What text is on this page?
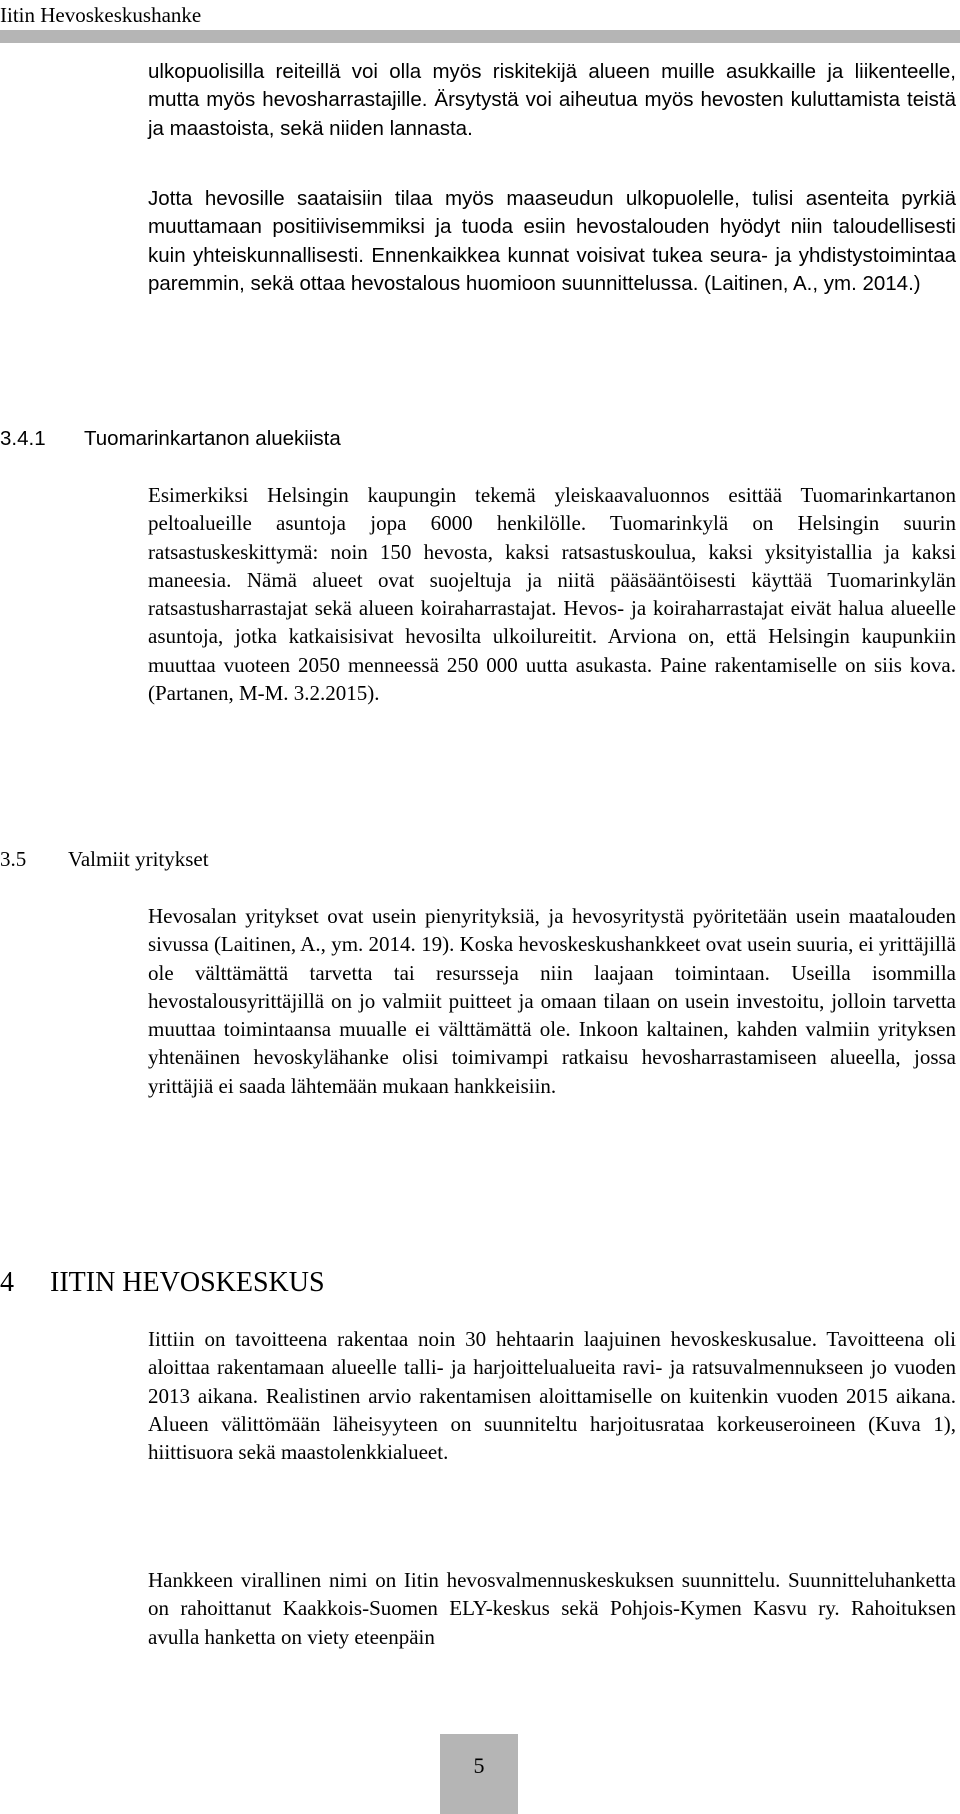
Iitin Hevoskeskushanke

ulkopuolisilla reiteillä voi olla myös riskitekijä alueen muille asukkaille ja liikenteelle, mutta myös hevosharrastajille. Ärsytystä voi aiheutua myös hevosten kuluttamista teistä ja maastoista, sekä niiden lannasta.

Jotta hevosille saataisiin tilaa myös maaseudun ulkopuolelle, tulisi asenteita pyrkiä muuttamaan positiivisemmiksi ja tuoda esiin hevostalouden hyödyt niin taloudellisesti kuin yhteiskunnallisesti. Ennenkaikkea kunnat voisivat tukea seura- ja yhdistystoimintaa paremmin, sekä ottaa hevostalous huomioon suunnittelussa. (Laitinen, A., ym. 2014.)

3.4.1 Tuomarinkartanon aluekiista

Esimerkiksi Helsingin kaupungin tekemä yleiskaavaluonnos esittää Tuomarinkartanon peltoalueille asuntoja jopa 6000 henkilölle. Tuomarinkylä on Helsingin suurin ratsastuskeskittymä: noin 150 hevosta, kaksi ratsastuskoulua, kaksi yksityistallia ja kaksi maneesia. Nämä alueet ovat suojeltuja ja niitä pääsääntöisesti käyttää Tuomarinkylän ratsastusharrastajat sekä alueen koiraharrastajat. Hevos- ja koiraharrastajat eivät halua alueelle asuntoja, jotka katkaisisivat hevosilta ulkoilureitit. Arviona on, että Helsingin kaupunkiin muuttaa vuoteen 2050 menneessä 250 000 uutta asukasta. Paine rakentamiselle on siis kova. (Partanen, M-M. 3.2.2015).

3.5 Valmiit yritykset

Hevosalan yritykset ovat usein pienyrityksiä, ja hevosyritystä pyöritetään usein maatalouden sivussa (Laitinen, A., ym. 2014. 19). Koska hevoskeskushankkeet ovat usein suuria, ei yrittäjillä ole välttämättä tarvetta tai resursseja niin laajaan toimintaan. Useilla isommilla hevostalousyrittäjillä on jo valmiit puitteet ja omaan tilaan on usein investoitu, jolloin tarvetta muuttaa toimintaansa muualle ei välttämättä ole. Inkoon kaltainen, kahden valmiin yrityksen yhtenäinen hevoskylähanke olisi toimivampi ratkaisu hevosharrastamiseen alueella, jossa yrittäjiä ei saada lähtemään mukaan hankkeisiin.

4 IITIN HEVOSKESKUS

Iittiin on tavoitteena rakentaa noin 30 hehtaarin laajuinen hevoskeskusalue. Tavoitteena oli aloittaa rakentamaan alueelle talli- ja harjoittelualueita ravi- ja ratsuvalmennukseen jo vuoden 2013 aikana. Realistinen arvio rakentamisen aloittamiselle on kuitenkin vuoden 2015 aikana. Alueen välittömään läheisyyteen on suunniteltu harjoitusrataa korkeuseroineen (Kuva 1), hiittisuora sekä maastolenkkialueet.

Hankkeen virallinen nimi on Iitin hevosvalmennuskeskuksen suunnittelu. Suunnitteluhanketta on rahoittanut Kaakkois-Suomen ELY-keskus sekä Pohjois-Kymen Kasvu ry. Rahoituksen avulla hanketta on viety eteenpäin

5
